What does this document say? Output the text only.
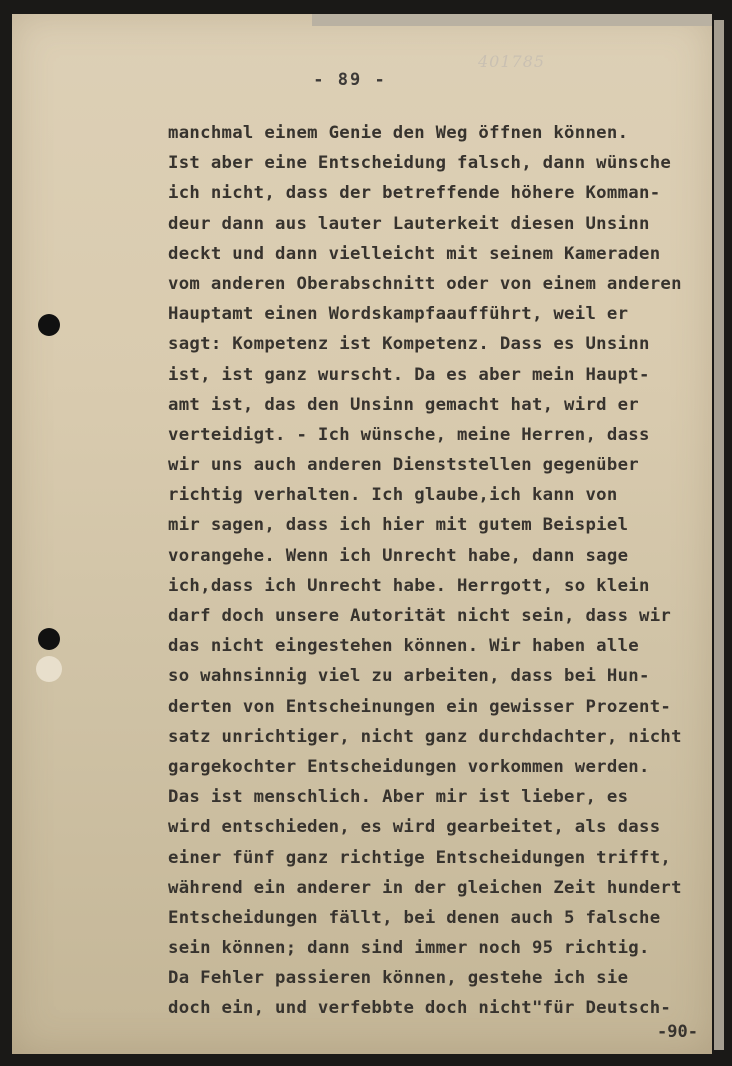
401785
- 89 -
manchmal einem Genie den Weg öffnen können.
Ist aber eine Entscheidung falsch, dann wünsche
ich nicht, dass der betreffende höhere Komman-
deur dann aus lauter Lauterkeit diesen Unsinn
deckt und dann vielleicht mit seinem Kameraden
vom anderen Oberabschnitt oder von einem anderen
Hauptamt einen Wordskampfaaufführt, weil er
sagt: Kompetenz ist Kompetenz. Dass es Unsinn
ist, ist ganz wurscht. Da es aber mein Haupt-
amt ist, das den Unsinn gemacht hat, wird er
verteidigt. - Ich wünsche, meine Herren, dass
wir uns auch anderen Dienststellen gegenüber
richtig verhalten. Ich glaube,ich kann von
mir sagen, dass ich hier mit gutem Beispiel
vorangehe. Wenn ich Unrecht habe, dann sage
ich,dass ich Unrecht habe. Herrgott, so klein
darf doch unsere Autorität nicht sein, dass wir
das nicht eingestehen können. Wir haben alle
so wahnsinnig viel zu arbeiten, dass bei Hun-
derten von Entscheinungen ein gewisser Prozent-
satz unrichtiger, nicht ganz durchdachter, nicht
gargekochter Entscheidungen vorkommen werden.
Das ist menschlich. Aber mir ist lieber, es
wird entschieden, es wird gearbeitet, als dass
einer fünf ganz richtige Entscheidungen trifft,
während ein anderer in der gleichen Zeit hundert
Entscheidungen fällt, bei denen auch 5 falsche
sein können; dann sind immer noch 95 richtig.
Da Fehler passieren können, gestehe ich sie
doch ein, und verfebbte doch nicht"für Deutsch-
-90-
